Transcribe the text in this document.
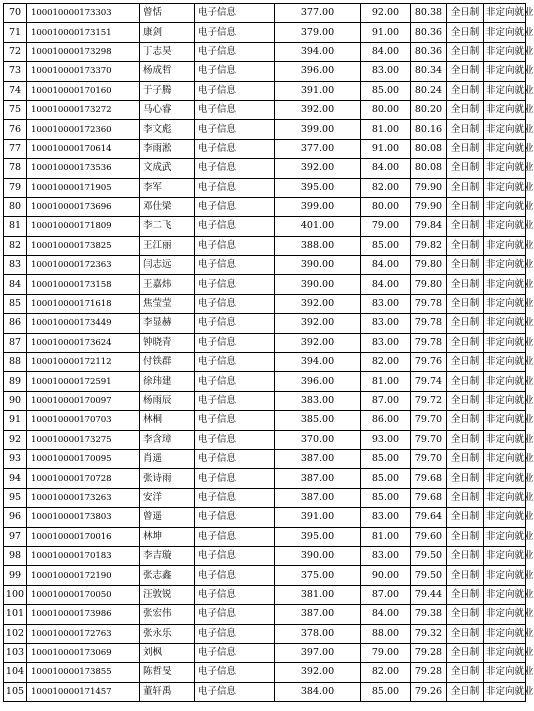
70	100010000173303	曾恬	电子信息	377.00	92.00	80.38	全日制	非定向就业
71	100010000173151	康剑	电子信息	379.00	91.00	80.36	全日制	非定向就业
72	100010000173298	丁志昊	电子信息	394.00	84.00	80.36	全日制	非定向就业
73	100010000173370	杨成哲	电子信息	396.00	83.00	80.34	全日制	非定向就业
74	100010000170160	于子腾	电子信息	391.00	85.00	80.24	全日制	非定向就业
75	100010000173272	马心睿	电子信息	392.00	80.00	80.20	全日制	非定向就业
76	100010000172360	李文彪	电子信息	399.00	81.00	80.16	全日制	非定向就业
77	100010000170614	李雨淞	电子信息	377.00	91.00	80.08	全日制	非定向就业
78	100010000173536	文成武	电子信息	392.00	84.00	80.08	全日制	非定向就业
79	100010000171905	李军	电子信息	395.00	82.00	79.90	全日制	非定向就业
80	100010000173696	邓仕梁	电子信息	399.00	80.00	79.90	全日制	非定向就业
81	100010000171809	李二飞	电子信息	401.00	79.00	79.84	全日制	非定向就业
82	100010000173825	王江丽	电子信息	388.00	85.00	79.82	全日制	非定向就业
83	100010000172363	闫志远	电子信息	390.00	84.00	79.80	全日制	非定向就业
84	100010000173158	王嘉炜	电子信息	390.00	84.00	79.80	全日制	非定向就业
85	100010000171618	焦莹莹	电子信息	392.00	83.00	79.78	全日制	非定向就业
86	100010000173449	李显赫	电子信息	392.00	83.00	79.78	全日制	非定向就业
87	100010000173624	钟晓青	电子信息	392.00	83.00	79.78	全日制	非定向就业
88	100010000172112	付铁群	电子信息	394.00	82.00	79.76	全日制	非定向就业
89	100010000172591	徐玮建	电子信息	396.00	81.00	79.74	全日制	非定向就业
90	100010000170097	杨雨辰	电子信息	383.00	87.00	79.72	全日制	非定向就业
91	100010000170703	林桐	电子信息	385.00	86.00	79.70	全日制	非定向就业
92	100010000173275	李含璋	电子信息	370.00	93.00	79.70	全日制	非定向就业
93	100010000170095	肖遥	电子信息	387.00	85.00	79.70	全日制	非定向就业
94	100010000170728	张诗雨	电子信息	387.00	85.00	79.68	全日制	非定向就业
95	100010000173263	安洋	电子信息	387.00	85.00	79.68	全日制	非定向就业
96	100010000173803	曾遥	电子信息	391.00	83.00	79.64	全日制	非定向就业
97	100010000170016	林坤	电子信息	395.00	81.00	79.60	全日制	非定向就业
98	100010000170183	李吉璇	电子信息	390.00	83.00	79.50	全日制	非定向就业
99	100010000172190	张志鑫	电子信息	375.00	90.00	79.50	全日制	非定向就业
100	100010000170050	汪敦锐	电子信息	381.00	87.00	79.44	全日制	非定向就业
101	100010000173986	张宏伟	电子信息	387.00	84.00	79.38	全日制	非定向就业
102	100010000172763	张永乐	电子信息	378.00	88.00	79.32	全日制	非定向就业
103	100010000173069	刘枫	电子信息	397.00	79.00	79.28	全日制	非定向就业
104	100010000173855	陈哲旻	电子信息	392.00	82.00	79.28	全日制	非定向就业
105	100010000171457	董轩禹	电子信息	384.00	85.00	79.26	全日制	非定向就业
